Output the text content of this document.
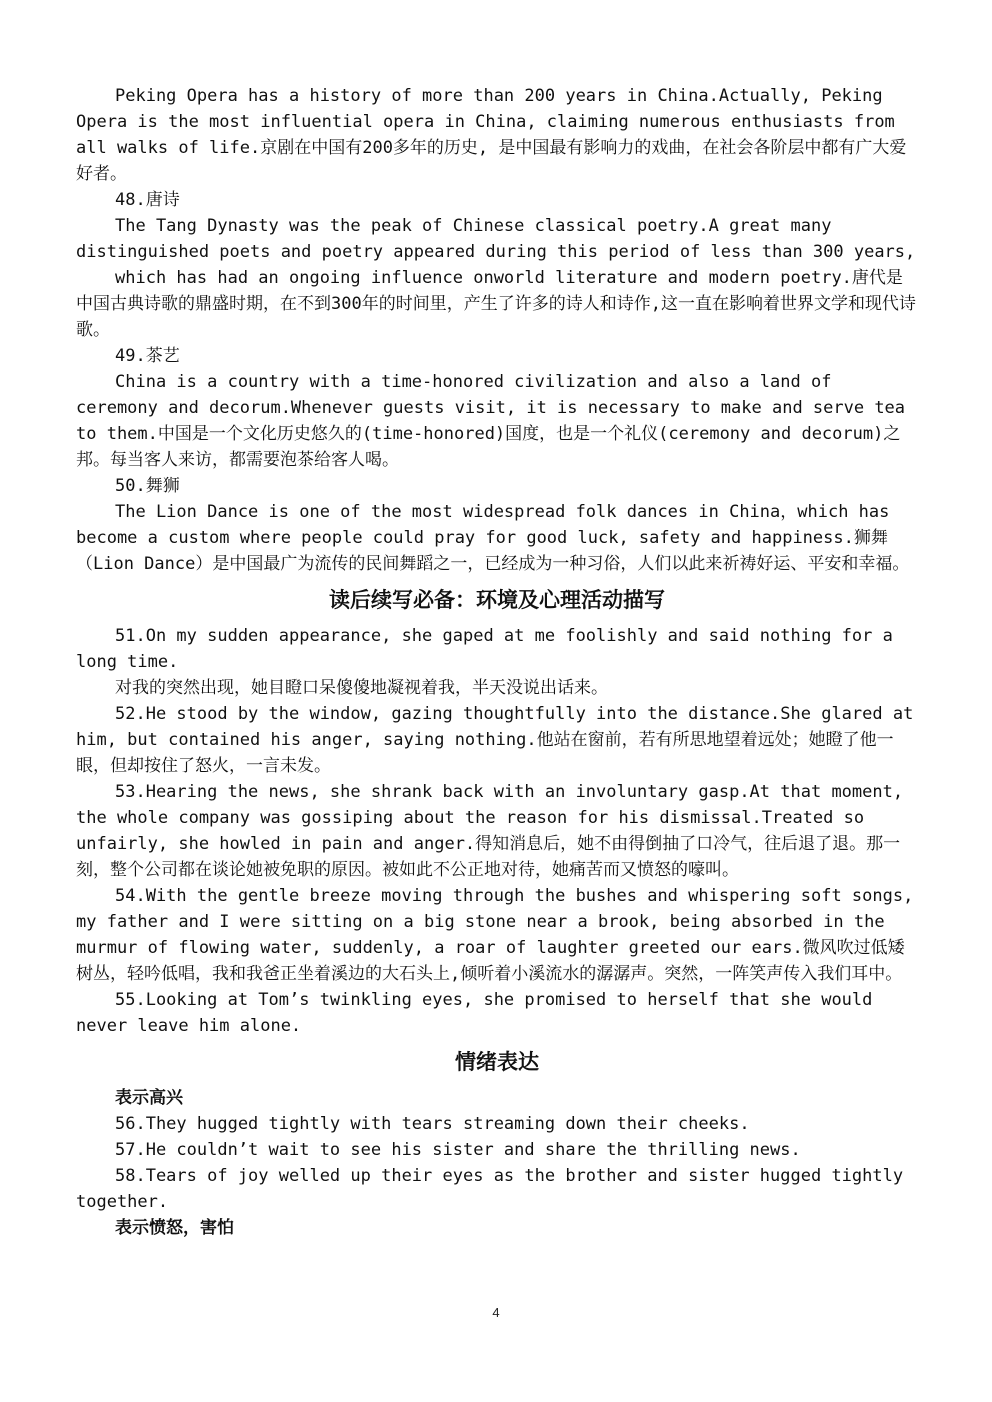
Peking Opera has a history of more than 200 years in China.Actually, Peking Opera is the most influential opera in China, claiming numerous enthusiasts from all walks of life.京剧在中国有200多年的历史, 是中国最有影响力的戏曲，在社会各阶层中都有广大爱好者。

48.唐诗

The Tang Dynasty was the peak of Chinese classical poetry.A great many distinguished poets and poetry appeared during this period of less than 300 years,

which has had an ongoing influence onworld literature and modern poetry.唐代是中国古典诗歌的鼎盛时期，在不到300年的时间里，产生了许多的诗人和诗作,这一直在影响着世界文学和现代诗歌。

49.茶艺

China is a country with a time-honored civilization and also a land of ceremony and decorum.Whenever guests visit, it is necessary to make and serve tea to them.中国是一个文化历史悠久的(time-honored)国度，也是一个礼仪(ceremony and decorum)之邦。每当客人来访，都需要泡茶给客人喝。

50.舞狮

The Lion Dance is one of the most widespread folk dances in China，which has become a custom where people could pray for good luck, safety and happiness.狮舞（Lion Dance）是中国最广为流传的民间舞蹈之一，已经成为一种习俗，人们以此来祈祷好运、平安和幸福。

读后续写必备：环境及心理活动描写

51.On my sudden appearance, she gaped at me foolishly and said nothing for a long time.

对我的突然出现，她目瞪口呆傻傻地凝视着我，半天没说出话来。

52.He stood by the window, gazing thoughtfully into the distance.She glared at him, but contained his anger, saying nothing.他站在窗前，若有所思地望着远处；她瞪了他一眼，但却按住了怒火，一言未发。

53.Hearing the news, she shrank back with an involuntary gasp.At that moment, the whole company was gossiping about the reason for his dismissal.Treated so unfairly, she howled in pain and anger.得知消息后，她不由得倒抽了口冷气，往后退了退。那一刻，整个公司都在谈论她被免职的原因。被如此不公正地对待，她痛苦而又愤怒的嚎叫。

54.With the gentle breeze moving through the bushes and whispering soft songs, my father and I were sitting on a big stone near a brook, being absorbed in the murmur of flowing water, suddenly, a roar of laughter greeted our ears.微风吹过低矮树丛，轻吟低唱，我和我爸正坐着溪边的大石头上,倾听着小溪流水的潺潺声。突然，一阵笑声传入我们耳中。

55.Looking at Tom’s twinkling eyes, she promised to herself that she would never leave him alone.

情绪表达

表示高兴

56.They hugged tightly with tears streaming down their cheeks.

57.He couldn’t wait to see his sister and share the thrilling news.

58.Tears of joy welled up their eyes as the brother and sister hugged tightly together.

表示愤怒，害怕

4
